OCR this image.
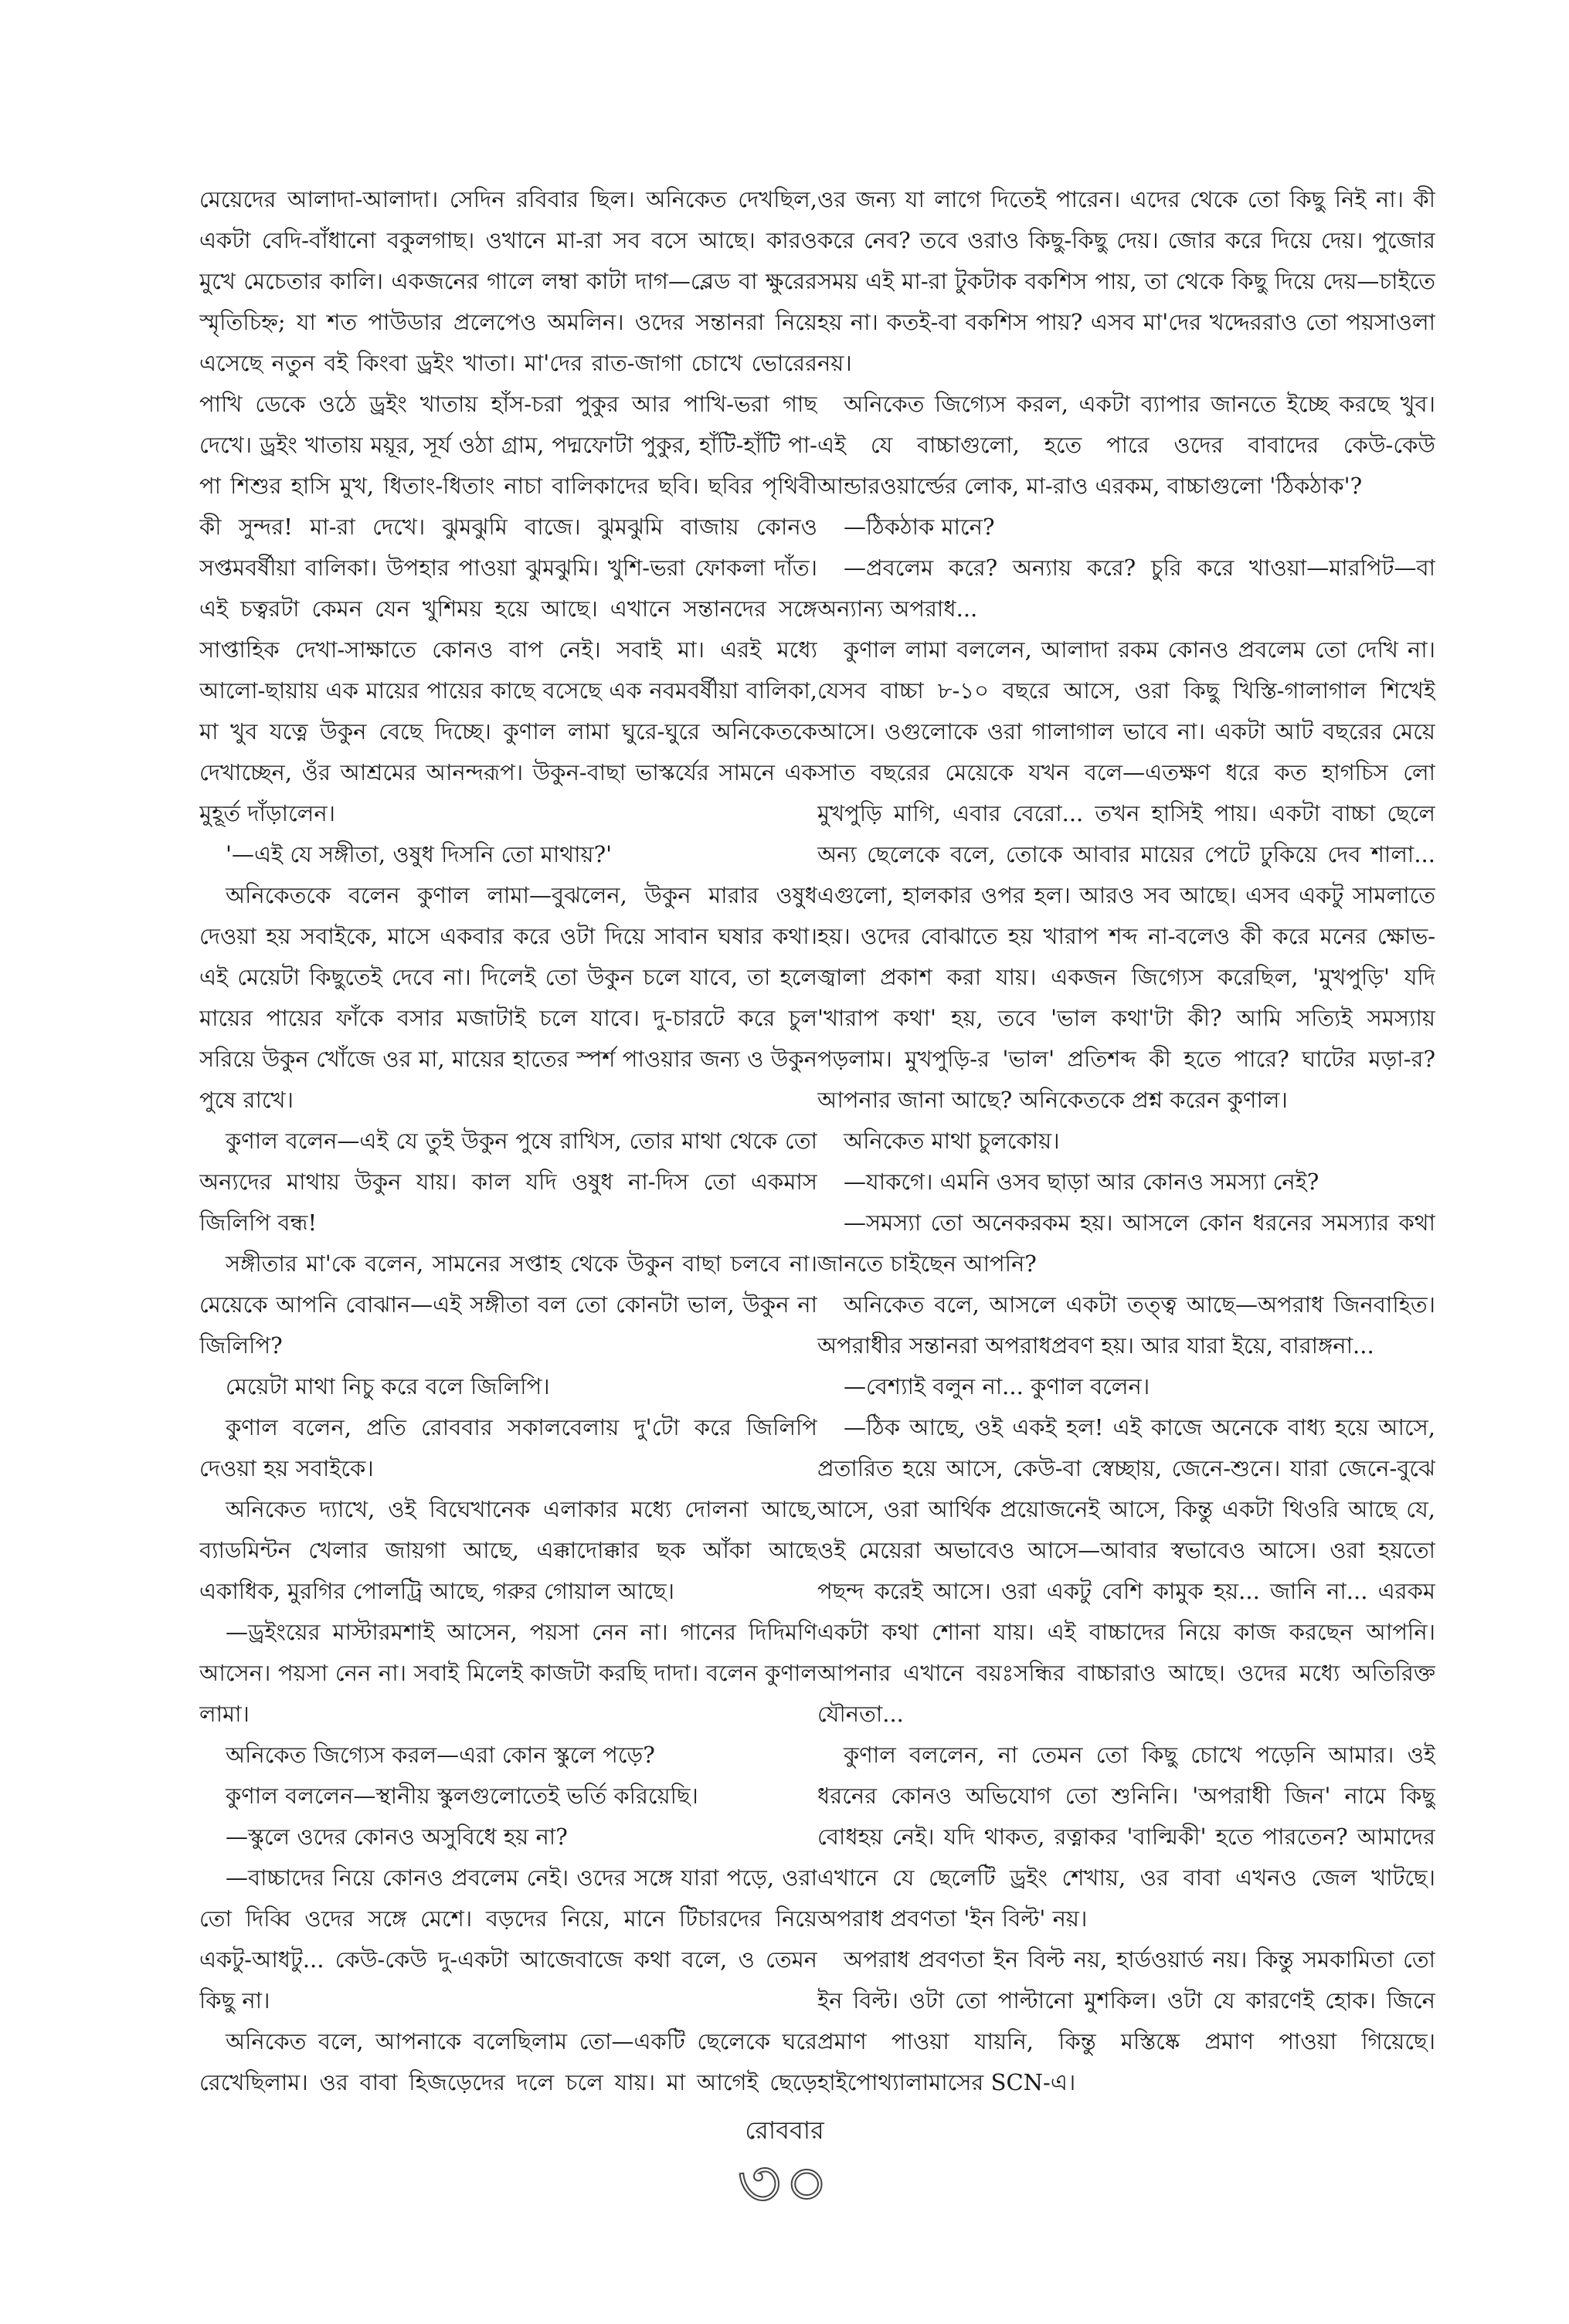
মেয়েদের আলাদা-আলাদা। সেদিন রবিবার ছিল। অনিকেত দেখছিল, একটা বেদি-বাঁধানো বকুলগাছ। ওখানে মা-রা সব বসে আছে। কারও মুখে মেচেতার কালি। একজনের গালে লম্বা কাটা দাগ—ব্লেড বা ক্ষুরের স্মৃতিচিহ্ন; যা শত পাউডার প্রলেপেও অমলিন। ওদের সন্তানরা নিয়ে এসেছে নতুন বই কিংবা ড্রইং খাতা। মা'দের রাত-জাগা চোখে ভোরের পাখি ডেকে ওঠে ড্রইং খাতায় হাঁস-চরা পুকুর আর পাখি-ভরা গাছ দেখে। ড্রইং খাতায় ময়ূর, সূর্য ওঠা গ্রাম, পদ্মফোটা পুকুর, হাঁটি-হাঁটি পা-পা শিশুর হাসি মুখ, ধিতাং-ধিতাং নাচা বালিকাদের ছবি। ছবির পৃথিবী কী সুন্দর! মা-রা দেখে। ঝুমঝুমি বাজে। ঝুমঝুমি বাজায় কোনও সপ্তমবর্ষীয়া বালিকা। উপহার পাওয়া ঝুমঝুমি। খুশি-ভরা ফোকলা দাঁত। এই চত্বরটা কেমন যেন খুশিময় হয়ে আছে। এখানে সন্তানদের সঙ্গে সাপ্তাহিক দেখা-সাক্ষাতে কোনও বাপ নেই। সবাই মা। এরই মধ্যে আলো-ছায়ায় এক মায়ের পায়ের কাছে বসেছে এক নবমবর্ষীয়া বালিকা, মা খুব যত্নে উকুন বেছে দিচ্ছে। কুণাল লামা ঘুরে-ঘুরে অনিকেতকে দেখাচ্ছেন, ওঁর আশ্রমের আনন্দরূপ। উকুন-বাছা ভাস্কর্যের সামনে এক মুহূর্ত দাঁড়ালেন।

'—এই যে সঙ্গীতা, ওষুধ দিসনি তো মাথায়?'

অনিকেতকে বলেন কুণাল লামা—বুঝলেন, উকুন মারার ওষুধ দেওয়া হয় সবাইকে, মাসে একবার করে ওটা দিয়ে সাবান ঘষার কথা। এই মেয়েটা কিছুতেই দেবে না। দিলেই তো উকুন চলে যাবে, তা হলে মায়ের পায়ের ফাঁকে বসার মজাটাই চলে যাবে। দু-চারটে করে চুল সরিয়ে উকুন খোঁজে ওর মা, মায়ের হাতের স্পর্শ পাওয়ার জন্য ও উকুন পুষে রাখে।

কুণাল বলেন—এই যে তুই উকুন পুষে রাখিস, তোর মাথা থেকে তো অন্যদের মাথায় উকুন যায়। কাল যদি ওষুধ না-দিস তো একমাস জিলিপি বন্ধ!

সঙ্গীতার মা'কে বলেন, সামনের সপ্তাহ থেকে উকুন বাছা চলবে না। মেয়েকে আপনি বোঝান—এই সঙ্গীতা বল তো কোনটা ভাল, উকুন না জিলিপি?

মেয়েটা মাথা নিচু করে বলে জিলিপি।

কুণাল বলেন, প্রতি রোববার সকালবেলায় দু'টো করে জিলিপি দেওয়া হয় সবাইকে।

অনিকেত দ্যাখে, ওই বিঘেখানেক এলাকার মধ্যে দোলনা আছে, ব্যাডমিন্টন খেলার জায়গা আছে, এক্কাদোক্কার ছক আঁকা আছে একাধিক, মুরগির পোলট্রি আছে, গরুর গোয়াল আছে।

—ড্রইংয়ের মাস্টারমশাই আসেন, পয়সা নেন না। গানের দিদিমণি আসেন। পয়সা নেন না। সবাই মিলেই কাজটা করছি দাদা। বলেন কুণাল লামা।

অনিকেত জিগ্যেস করল—এরা কোন স্কুলে পড়ে?

কুণাল বললেন—স্থানীয় স্কুলগুলোতেই ভর্তি করিয়েছি।

—স্কুলে ওদের কোনও অসুবিধে হয় না?

—বাচ্চাদের নিয়ে কোনও প্রবলেম নেই। ওদের সঙ্গে যারা পড়ে, ওরা তো দিব্বি ওদের সঙ্গে মেশে। বড়দের নিয়ে, মানে টিচারদের নিয়ে একটু-আধটু... কেউ-কেউ দু-একটা আজেবাজে কথা বলে, ও তেমন কিছু না।

অনিকেত বলে, আপনাকে বলেছিলাম তো—একটি ছেলেকে ঘরে রেখেছিলাম। ওর বাবা হিজড়েদের দলে চলে যায়। মা আগেই ছেড়ে

ওর জন্য যা লাগে দিতেই পারেন। এদের থেকে তো কিছু নিই না। কী করে নেব? তবে ওরাও কিছু-কিছু দেয়। জোর করে দিয়ে দেয়। পুজোর সময় এই মা-রা টুকটাক বকশিস পায়, তা থেকে কিছু দিয়ে দেয়—চাইতে হয় না। কতই-বা বকশিস পায়? এসব মা'দের খদ্দেররাও তো পয়সাওলা নয়।

অনিকেত জিগ্যেস করল, একটা ব্যাপার জানতে ইচ্ছে করছে খুব। এই যে বাচ্চাগুলো, হতে পারে ওদের বাবাদের কেউ-কেউ আন্ডারওয়ার্ল্ডের লোক, মা-রাও এরকম, বাচ্চাগুলো 'ঠিকঠাক'?

—ঠিকঠাক মানে?

—প্রবলেম করে? অন্যায় করে? চুরি করে খাওয়া—মারপিট—বা অন্যান্য অপরাধ...

কুণাল লামা বললেন, আলাদা রকম কোনও প্রবলেম তো দেখি না। যেসব বাচ্চা ৮-১০ বছরে আসে, ওরা কিছু খিস্তি-গালাগাল শিখেই আসে। ওগুলোকে ওরা গালাগাল ভাবে না। একটা আট বছরের মেয়ে সাত বছরের মেয়েকে যখন বলে—এতক্ষণ ধরে কত হাগচিস লো মুখপুড়ি মাগি, এবার বেরো... তখন হাসিই পায়। একটা বাচ্চা ছেলে অন্য ছেলেকে বলে, তোকে আবার মায়ের পেটে ঢুকিয়ে দেব শালা... এগুলো, হালকার ওপর হল। আরও সব আছে। এসব একটু সামলাতে হয়। ওদের বোঝাতে হয় খারাপ শব্দ না-বলেও কী করে মনের ক্ষোভ-জ্বালা প্রকাশ করা যায়। একজন জিগ্যেস করেছিল, 'মুখপুড়ি' যদি 'খারাপ কথা' হয়, তবে 'ভাল কথা'টা কী? আমি সত্যিই সমস্যায় পড়লাম। মুখপুড়ি-র 'ভাল' প্রতিশব্দ কী হতে পারে? ঘাটের মড়া-র? আপনার জানা আছে? অনিকেতকে প্রশ্ন করেন কুণাল।

অনিকেত মাথা চুলকোয়।

—যাকগে। এমনি ওসব ছাড়া আর কোনও সমস্যা নেই?

—সমস্যা তো অনেকরকম হয়। আসলে কোন ধরনের সমস্যার কথা জানতে চাইছেন আপনি?

অনিকেত বলে, আসলে একটা তত্ত্ব আছে—অপরাধ জিনবাহিত। অপরাধীর সন্তানরা অপরাধপ্রবণ হয়। আর যারা ইয়ে, বারাঙ্গনা...

—বেশ্যাই বলুন না... কুণাল বলেন।

—ঠিক আছে, ওই একই হল! এই কাজে অনেকে বাধ্য হয়ে আসে, প্রতারিত হয়ে আসে, কেউ-বা স্বেচ্ছায়, জেনে-শুনে। যারা জেনে-বুঝে আসে, ওরা আর্থিক প্রয়োজনেই আসে, কিন্তু একটা থিওরি আছে যে, ওই মেয়েরা অভাবেও আসে—আবার স্বভাবেও আসে। ওরা হয়তো পছন্দ করেই আসে। ওরা একটু বেশি কামুক হয়... জানি না... এরকম একটা কথা শোনা যায়। এই বাচ্চাদের নিয়ে কাজ করছেন আপনি। আপনার এখানে বয়ঃসন্ধির বাচ্চারাও আছে। ওদের মধ্যে অতিরিক্ত যৌনতা...

কুণাল বললেন, না তেমন তো কিছু চোখে পড়েনি আমার। ওই ধরনের কোনও অভিযোগ তো শুনিনি। 'অপরাধী জিন' নামে কিছু বোধহয় নেই। যদি থাকত, রত্নাকর 'বাল্মিকী' হতে পারতেন? আমাদের এখানে যে ছেলেটি ড্রইং শেখায়, ওর বাবা এখনও জেল খাটছে। অপরাধ প্রবণতা 'ইন বিল্ট' নয়।

অপরাধ প্রবণতা ইন বিল্ট নয়, হার্ডওয়ার্ড নয়। কিন্তু সমকামিতা তো ইন বিল্ট। ওটা তো পাল্টানো মুশকিল। ওটা যে কারণেই হোক। জিনে প্রমাণ পাওয়া যায়নি, কিন্তু মস্তিষ্কে প্রমাণ পাওয়া গিয়েছে। হাইপোথ্যালামাসের SCN-এ।

রোববার
৩০
